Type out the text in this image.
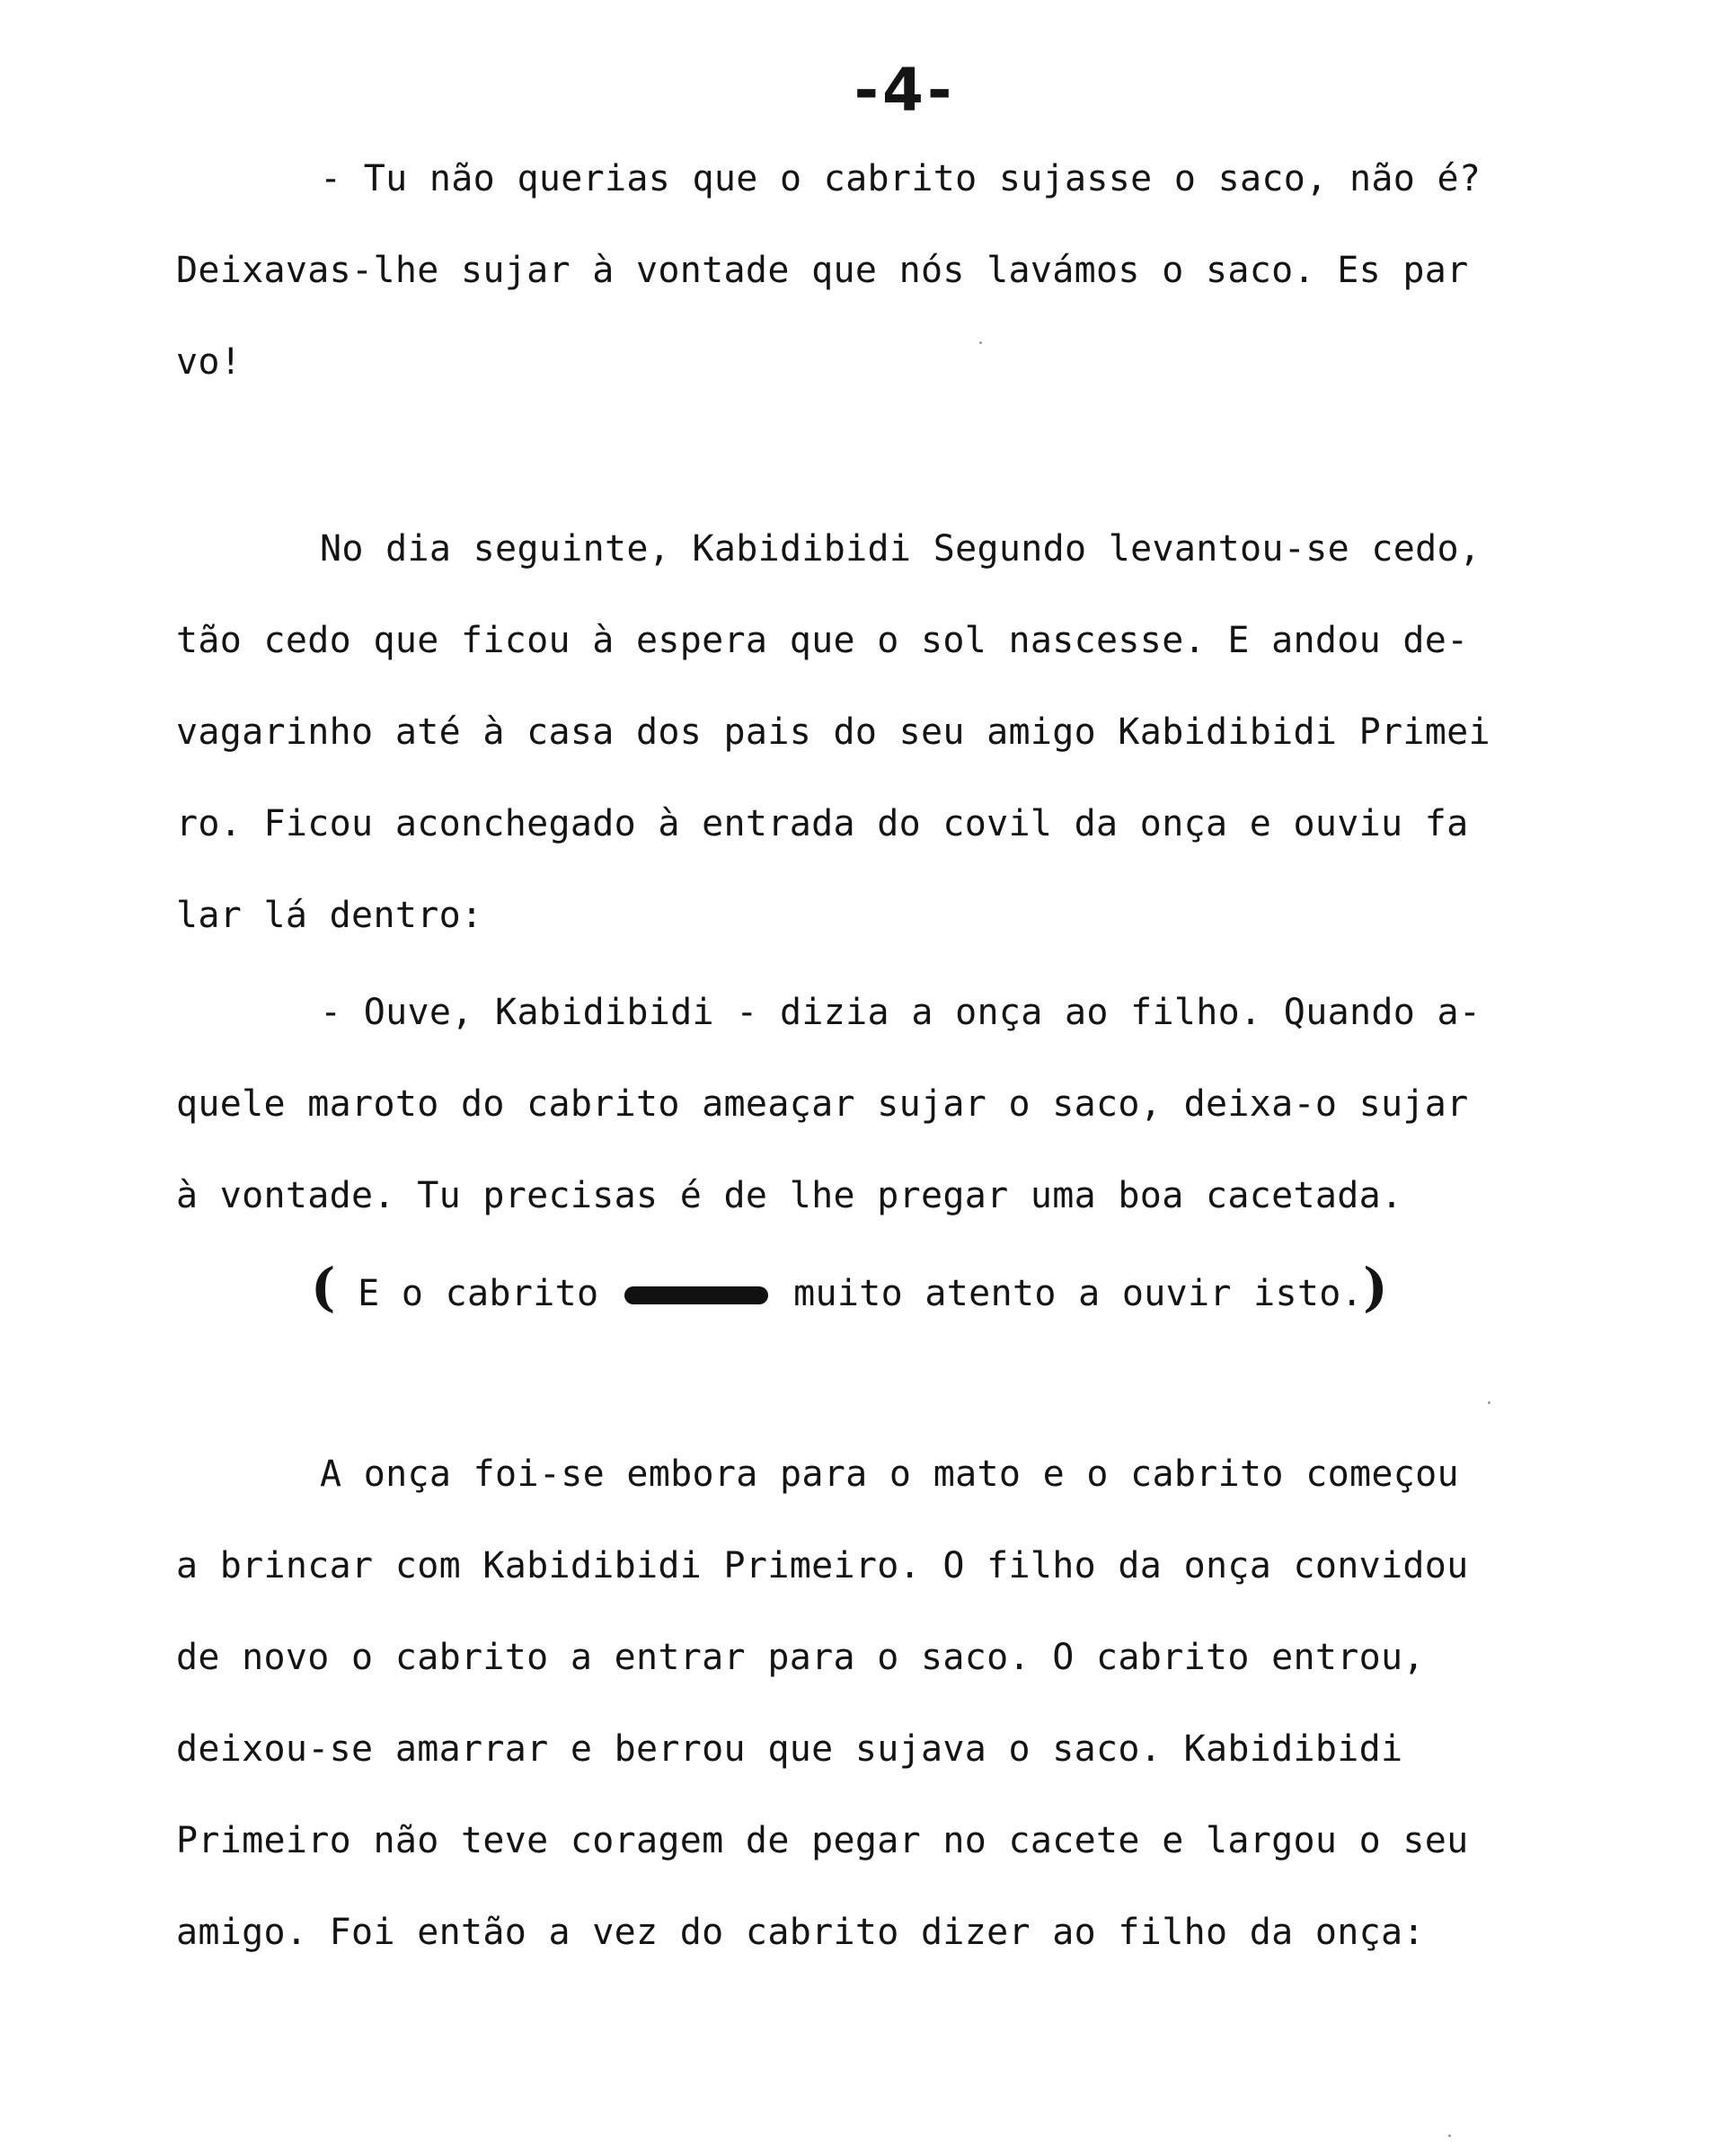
-4-
- Tu não querias que o cabrito sujasse o saco, não é?
Deixavas-lhe sujar à vontade que nós lavámos o saco. Es par
vo!
No dia seguinte, Kabidibidi Segundo levantou-se cedo,
tão cedo que ficou à espera que o sol nascesse. E andou de-
vagarinho até à casa dos pais do seu amigo Kabidibidi Primei
ro. Ficou aconchegado à entrada do covil da onça e ouviu fa
lar lá dentro:
- Ouve, Kabidibidi - dizia a onça ao filho. Quando a-
quele maroto do cabrito ameaçar sujar o saco, deixa-o sujar
à vontade. Tu precisas é de lhe pregar uma boa cacetada.
( E o cabrito	muito atento a ouvir isto.)
A onça foi-se embora para o mato e o cabrito começou
a brincar com Kabidibidi Primeiro. O filho da onça convidou
de novo o cabrito a entrar para o saco. O cabrito entrou,
deixou-se amarrar e berrou que sujava o saco. Kabidibidi
Primeiro não teve coragem de pegar no cacete e largou o seu
amigo. Foi então a vez do cabrito dizer ao filho da onça:
